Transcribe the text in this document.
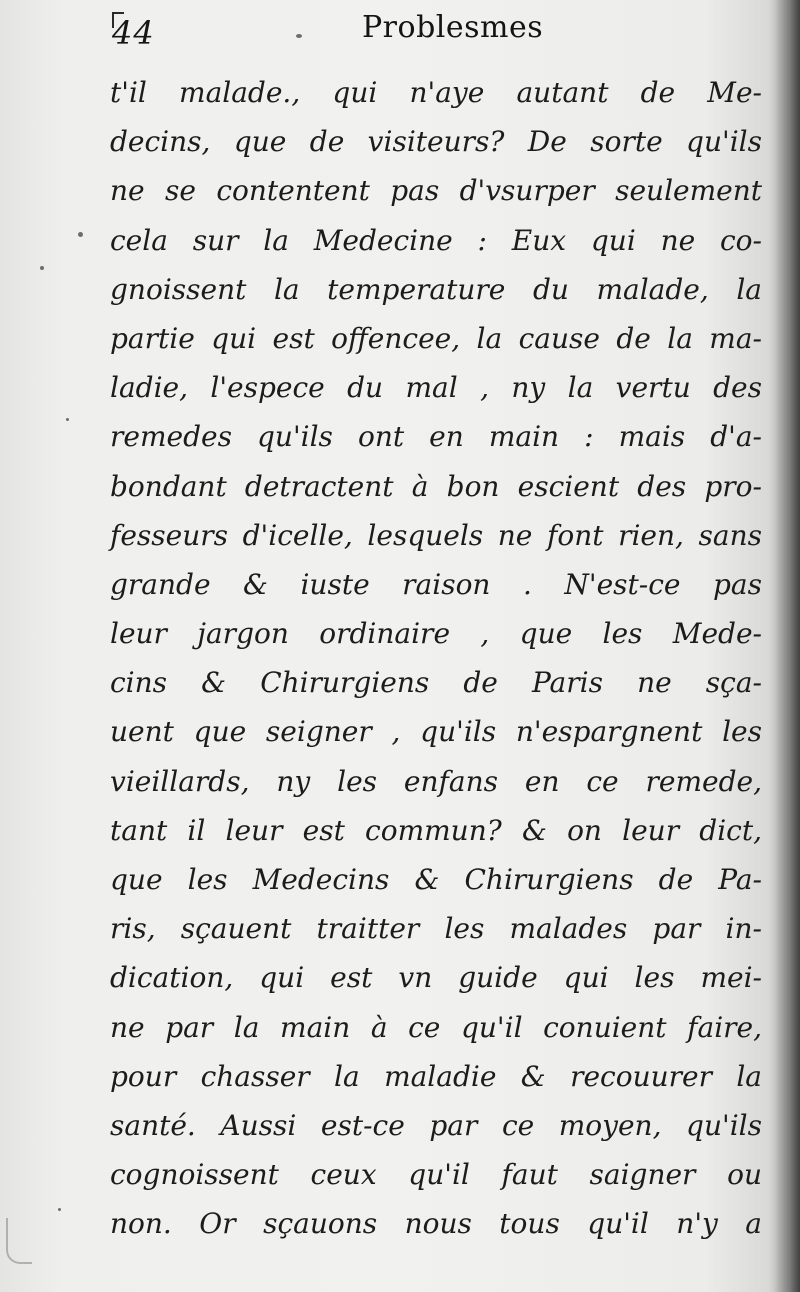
44	Problesmes
t'il malade., qui n'aye autant de Me-
decins, que de visiteurs? De sorte qu'ils
ne se contentent pas d'vsurper seulement
cela sur la Medecine : Eux qui ne co-
gnoissent la temperature du malade, la
partie qui est offencee, la cause de la ma-
ladie, l'espece du mal , ny la vertu des
remedes qu'ils ont en main : mais d'a-
bondant detractent à bon escient des pro-
fesseurs d'icelle, lesquels ne font rien, sans
grande & iuste raison . N'est-ce pas
leur jargon ordinaire , que les Mede-
cins & Chirurgiens de Paris ne sça-
uent que seigner , qu'ils n'espargnent les
vieillards, ny les enfans en ce remede,
tant il leur est commun? & on leur dict,
que les Medecins & Chirurgiens de Pa-
ris, sçauent traitter les malades par in-
dication, qui est vn guide qui les mei-
ne par la main à ce qu'il conuient faire,
pour chasser la maladie & recouurer la
santé. Aussi est-ce par ce moyen, qu'ils
cognoissent ceux qu'il faut saigner ou
non. Or sçauons nous tous qu'il n'y a
